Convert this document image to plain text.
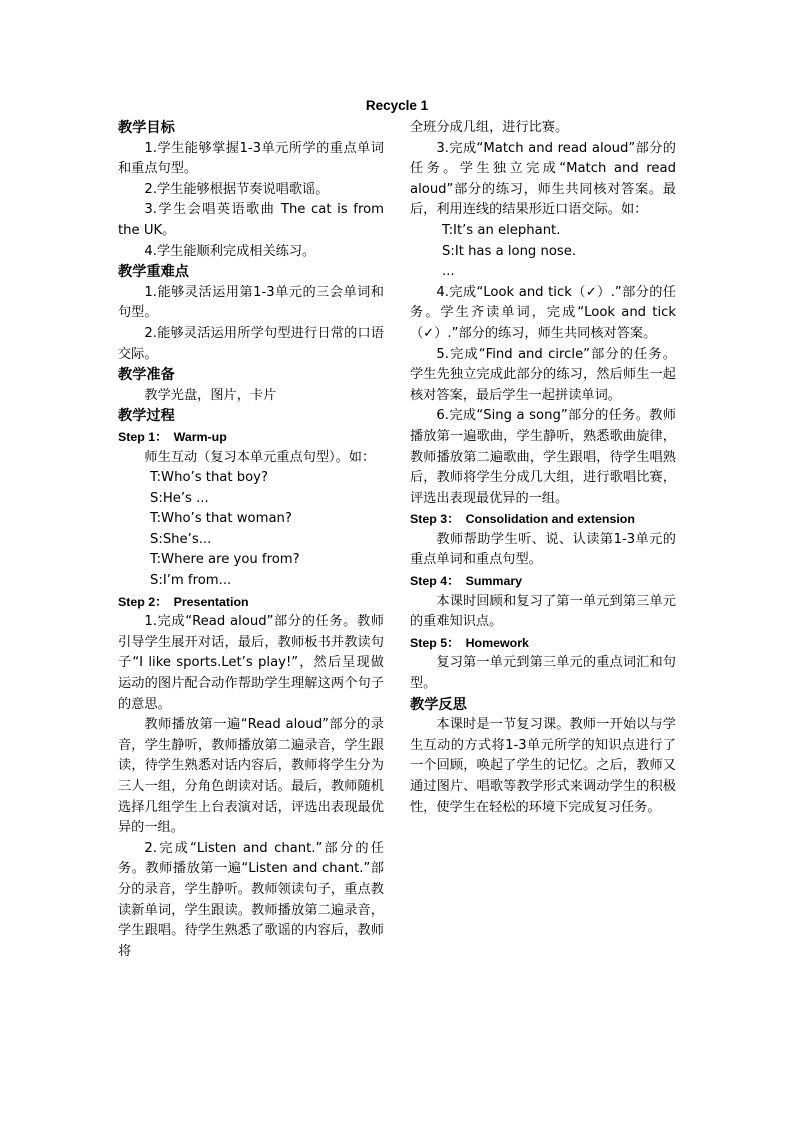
Recycle 1

教学目标

1.学生能够掌握1-3单元所学的重点单词和重点句型。

2.学生能够根据节奏说唱歌谣。

3.学生会唱英语歌曲 The cat is from the UK。

4.学生能顺利完成相关练习。

教学重难点

1.能够灵活运用第1-3单元的三会单词和句型。

2.能够灵活运用所学句型进行日常的口语交际。

教学准备

教学光盘，图片，卡片

教学过程

Step 1： Warm-up

师生互动（复习本单元重点句型）。如：

T:Who’s that boy?

S:He’s ...

T:Who’s that woman?

S:She’s...

T:Where are you from?

S:I’m from...

Step 2： Presentation

1.完成“Read aloud”部分的任务。教师引导学生展开对话，最后，教师板书并教读句子“I like sports.Let’s play!”，然后呈现做运动的图片配合动作帮助学生理解这两个句子的意思。

教师播放第一遍“Read aloud”部分的录音，学生静听，教师播放第二遍录音，学生跟读，待学生熟悉对话内容后，教师将学生分为三人一组，分角色朗读对话。最后，教师随机选择几组学生上台表演对话，评选出表现最优异的一组。

2.完成“Listen and chant.”部分的任务。教师播放第一遍“Listen and chant.”部分的录音，学生静听。教师领读句子，重点教读新单词，学生跟读。教师播放第二遍录音，学生跟唱。待学生熟悉了歌谣的内容后，教师将

全班分成几组，进行比赛。

3.完成“Match and read aloud”部分的任务。学生独立完成“Match and read aloud”部分的练习，师生共同核对答案。最后，利用连线的结果形近口语交际。如：

T:It’s an elephant.

S:It has a long nose.

...

4.完成“Look and tick（✓）.”部分的任务。学生齐读单词，完成“Look and tick（✓）.”部分的练习，师生共同核对答案。

5.完成“Find and circle”部分的任务。学生先独立完成此部分的练习，然后师生一起核对答案，最后学生一起拼读单词。

6.完成“Sing a song”部分的任务。教师播放第一遍歌曲，学生静听，熟悉歌曲旋律，教师播放第二遍歌曲，学生跟唱，待学生唱熟后，教师将学生分成几大组，进行歌唱比赛，评选出表现最优异的一组。

Step 3： Consolidation and extension

教师帮助学生听、说、认读第1-3单元的重点单词和重点句型。

Step 4： Summary

本课时回顾和复习了第一单元到第三单元的重难知识点。

Step 5： Homework

复习第一单元到第三单元的重点词汇和句型。

教学反思

本课时是一节复习课。教师一开始以与学生互动的方式将1-3单元所学的知识点进行了一个回顾，唤起了学生的记忆。之后，教师又通过图片、唱歌等教学形式来调动学生的积极性，使学生在轻松的环境下完成复习任务。
